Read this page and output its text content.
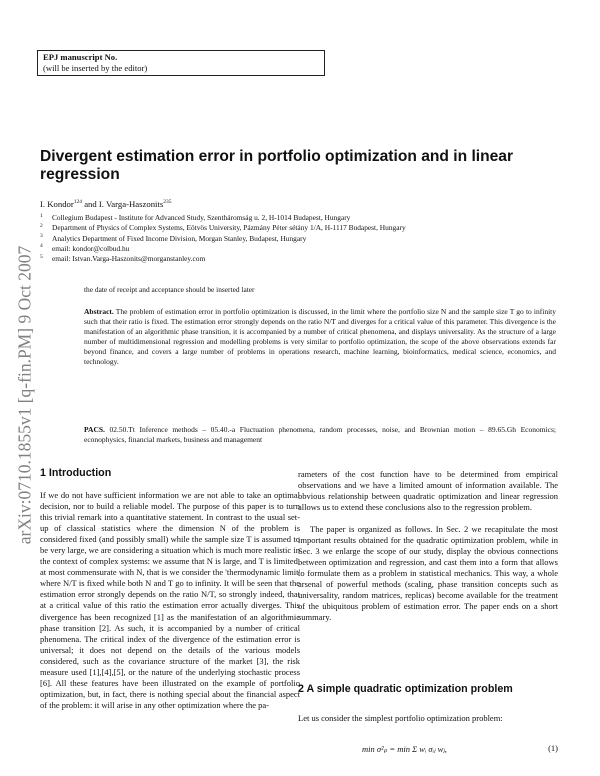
EPJ manuscript No.
(will be inserted by the editor)
arXiv:0710.1855v1 [q-fin.PM] 9 Oct 2007
Divergent estimation error in portfolio optimization and in linear regression
I. Kondor$^{124}$ and I. Varga-Haszonits$^{235}$
$^1$ Collegium Budapest - Institute for Advanced Study, Szentháromság u. 2, H-1014 Budapest, Hungary
$^2$ Department of Physics of Complex Systems, Eötvös University, Pázmány Péter sétány 1/A, H-1117 Budapest, Hungary
$^3$ Analytics Department of Fixed Income Division, Morgan Stanley, Budapest, Hungary
$^4$ email: kondor@colbud.hu
$^5$ email: Istvan.Varga-Haszonits@morganstanley.com
the date of receipt and acceptance should be inserted later
Abstract. The problem of estimation error in portfolio optimization is discussed, in the limit where the portfolio size N and the sample size T go to infinity such that their ratio is fixed. The estimation error strongly depends on the ratio N/T and diverges for a critical value of this parameter. This divergence is the manifestation of an algorithmic phase transition, it is accompanied by a number of critical phenomena, and displays universality. As the structure of a large number of multidimensional regression and modelling problems is very similar to portfolio optimization, the scope of the above observations extends far beyond finance, and covers a large number of problems in operations research, machine learning, bioinformatics, medical science, economics, and technology.
PACS. 02.50.Tt Inference methods – 05.40.-a Fluctuation phenomena, random processes, noise, and Brownian motion – 89.65.Gh Economics; econophysics, financial markets, business and management
1 Introduction
If we do not have sufficient information we are not able to take an optimal decision, nor to build a reliable model. The purpose of this paper is to turn this trivial remark into a quantitative statement. In contrast to the usual set-up of classical statistics where the dimension N of the problem is considered fixed (and possibly small) while the sample size T is assumed to be very large, we are considering a situation which is much more realistic in the context of complex systems: we assume that N is large, and T is limited, at most commensurate with N, that is we consider the 'thermodynamic limit' where N/T is fixed while both N and T go to infinity. It will be seen that the estimation error strongly depends on the ratio N/T, so strongly indeed, that at a critical value of this ratio the estimation error actually diverges. This divergence has been recognized [1] as the manifestation of an algorithmic phase transition [2]. As such, it is accompanied by a number of critical phenomena. The critical index of the divergence of the estimation error is universal; it does not depend on the details of the various models considered, such as the covariance structure of the market [3], the risk measure used [1],[4],[5], or the nature of the underlying stochastic process [6]. All these features have been illustrated on the example of portfolio optimization, but, in fact, there is nothing special about the financial aspect of the problem: it will arise in any other optimization where the pa-
rameters of the cost function have to be determined from empirical observations and we have a limited amount of information available. The obvious relationship between quadratic optimization and linear regression allows us to extend these conclusions also to the regression problem.
The paper is organized as follows. In Sec. 2 we recapitulate the most important results obtained for the quadratic optimization problem, while in Sec. 3 we enlarge the scope of our study, display the obvious connections between optimization and regression, and cast them into a form that allows to formulate them as a problem in statistical mechanics. This way, a whole arsenal of powerful methods (scaling, phase transition concepts such as universality, random matrices, replicas) become available for the treatment of the ubiquitous problem of estimation error. The paper ends on a short summary.
2 A simple quadratic optimization problem
Let us consider the simplest portfolio optimization problem:
min σ²ₚ = min Σ wᵢ σᵢⱼ wⱼ,	(1)
